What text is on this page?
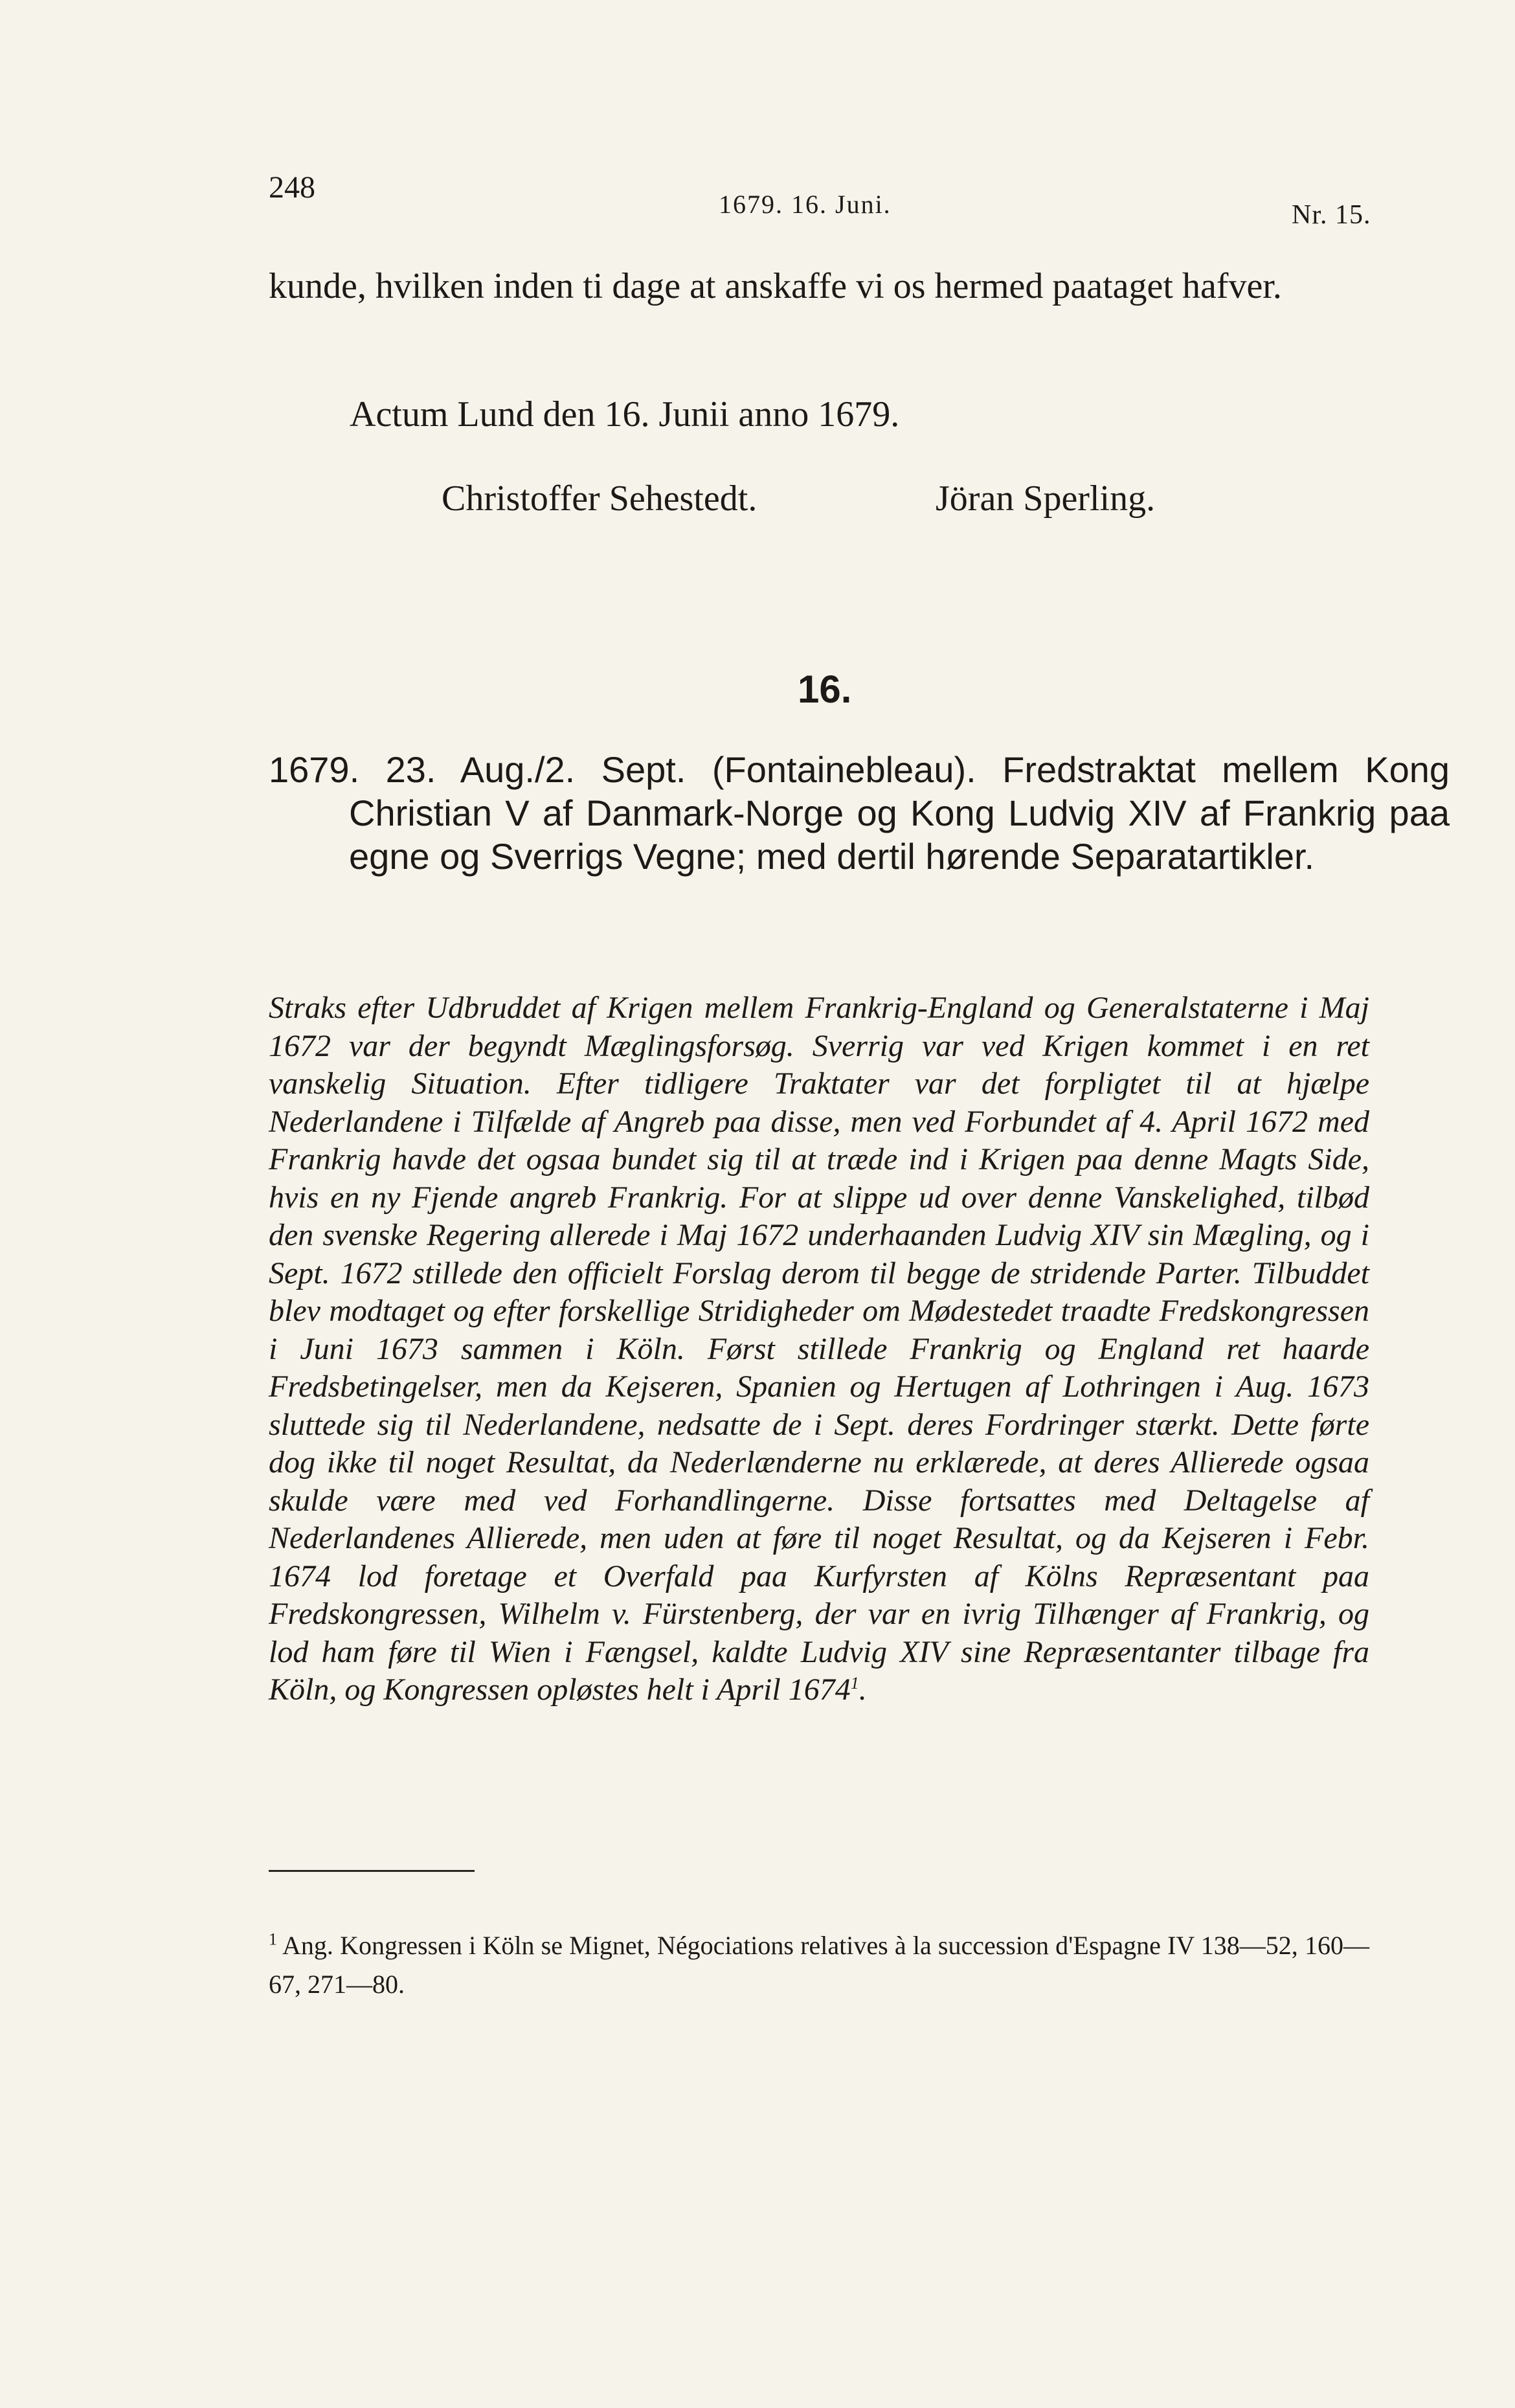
248	1679. 16. Juni.	Nr. 15.
kunde, hvilken inden ti dage at anskaffe vi os hermed paataget hafver.
Actum Lund den 16. Junii anno 1679.
Christoffer Sehestedt.	Jöran Sperling.
16.
1679. 23. Aug./2. Sept. (Fontainebleau). Fredstraktat mellem Kong Christian V af Danmark-Norge og Kong Ludvig XIV af Frankrig paa egne og Sverrigs Vegne; med dertil hørende Separatartikler.
Straks efter Udbruddet af Krigen mellem Frankrig-England og Generalstaterne i Maj 1672 var der begyndt Mæglingsforsøg. Sverrig var ved Krigen kommet i en ret vanskelig Situation. Efter tidligere Traktater var det forpligtet til at hjælpe Nederlandene i Tilfælde af Angreb paa disse, men ved Forbundet af 4. April 1672 med Frankrig havde det ogsaa bundet sig til at træde ind i Krigen paa denne Magts Side, hvis en ny Fjende angreb Frankrig. For at slippe ud over denne Vanskelighed, tilbød den svenske Regering allerede i Maj 1672 underhaanden Ludvig XIV sin Mægling, og i Sept. 1672 stillede den officielt Forslag derom til begge de stridende Parter. Tilbuddet blev modtaget og efter forskellige Stridigheder om Mødestedet traadte Fredskongressen i Juni 1673 sammen i Köln. Først stillede Frankrig og England ret haarde Fredsbetingelser, men da Kejseren, Spanien og Hertugen af Lothringen i Aug. 1673 sluttede sig til Nederlandene, nedsatte de i Sept. deres Fordringer stærkt. Dette førte dog ikke til noget Resultat, da Nederlænderne nu erklærede, at deres Allierede ogsaa skulde være med ved Forhandlingerne. Disse fortsattes med Deltagelse af Nederlandenes Allierede, men uden at føre til noget Resultat, og da Kejseren i Febr. 1674 lod foretage et Overfald paa Kurfyrsten af Kölns Repræsentant paa Fredskongressen, Wilhelm v. Fürstenberg, der var en ivrig Tilhænger af Frankrig, og lod ham føre til Wien i Fængsel, kaldte Ludvig XIV sine Repræsentanter tilbage fra Köln, og Kongressen opløstes helt i April 1674$^1$.
$^1$ Ang. Kongressen i Köln se Mignet, Négociations relatives à la succession d'Espagne IV 138—52, 160—67, 271—80.
